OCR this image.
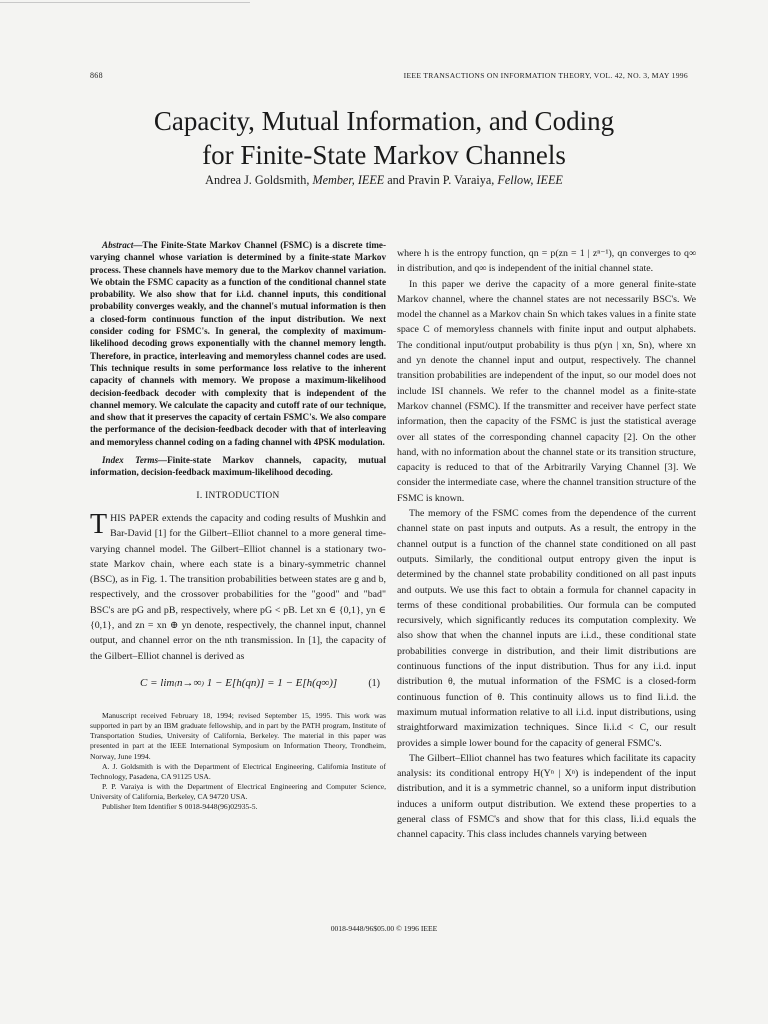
868	IEEE TRANSACTIONS ON INFORMATION THEORY, VOL. 42, NO. 3, MAY 1996
Capacity, Mutual Information, and Coding
for Finite-State Markov Channels
Andrea J. Goldsmith, Member, IEEE and Pravin P. Varaiya, Fellow, IEEE

Abstract—The Finite-State Markov Channel (FSMC) is a discrete time-varying channel whose variation is determined by a finite-state Markov process. These channels have memory due to the Markov channel variation. We obtain the FSMC capacity as a function of the conditional channel state probability. We also show that for i.i.d. channel inputs, this conditional probability converges weakly, and the channel's mutual information is then a closed-form continuous function of the input distribution. We next consider coding for FSMC's. In general, the complexity of maximum-likelihood decoding grows exponentially with the channel memory length. Therefore, in practice, interleaving and memoryless channel codes are used. This technique results in some performance loss relative to the inherent capacity of channels with memory. We propose a maximum-likelihood decision-feedback decoder with complexity that is independent of the channel memory. We calculate the capacity and cutoff rate of our technique, and show that it preserves the capacity of certain FSMC's. We also compare the performance of the decision-feedback decoder with that of interleaving and memoryless channel coding on a fading channel with 4PSK modulation.

Index Terms—Finite-state Markov channels, capacity, mutual information, decision-feedback maximum-likelihood decoding.

I. INTRODUCTION

THIS PAPER extends the capacity and coding results of Mushkin and Bar-David [1] for the Gilbert–Elliot channel to a more general time-varying channel model. The Gilbert–Elliot channel is a stationary two-state Markov chain, where each state is a binary-symmetric channel (BSC), as in Fig. 1. The transition probabilities between states are g and b, respectively, and the crossover probabilities for the "good" and "bad" BSC's are pG and pB, respectively, where pG < pB. Let xn ∈ {0,1}, yn ∈ {0,1}, and zn = xn ⊕ yn denote, respectively, the channel input, channel output, and channel error on the nth transmission. In [1], the capacity of the Gilbert–Elliot channel is derived as

C = lim₍n→∞₎ 1 − E[h(qn)] = 1 − E[h(q∞)]	(1)

Manuscript received February 18, 1994; revised September 15, 1995. This work was supported in part by an IBM graduate fellowship, and in part by the PATH program, Institute of Transportation Studies, University of California, Berkeley. The material in this paper was presented in part at the IEEE International Symposium on Information Theory, Trondheim, Norway, June 1994.

A. J. Goldsmith is with the Department of Electrical Engineering, California Institute of Technology, Pasadena, CA 91125 USA.

P. P. Varaiya is with the Department of Electrical Engineering and Computer Science, University of California, Berkeley, CA 94720 USA.

Publisher Item Identifier S 0018-9448(96)02935-5.

where h is the entropy function, qn = p(zn = 1 | zⁿ⁻¹), qn converges to q∞ in distribution, and q∞ is independent of the initial channel state.

In this paper we derive the capacity of a more general finite-state Markov channel, where the channel states are not necessarily BSC's. We model the channel as a Markov chain Sn which takes values in a finite state space C of memoryless channels with finite input and output alphabets. The conditional input/output probability is thus p(yn | xn, Sn), where xn and yn denote the channel input and output, respectively. The channel transition probabilities are independent of the input, so our model does not include ISI channels. We refer to the channel model as a finite-state Markov channel (FSMC). If the transmitter and receiver have perfect state information, then the capacity of the FSMC is just the statistical average over all states of the corresponding channel capacity [2]. On the other hand, with no information about the channel state or its transition structure, capacity is reduced to that of the Arbitrarily Varying Channel [3]. We consider the intermediate case, where the channel transition structure of the FSMC is known.

The memory of the FSMC comes from the dependence of the current channel state on past inputs and outputs. As a result, the entropy in the channel output is a function of the channel state conditioned on all past outputs. Similarly, the conditional output entropy given the input is determined by the channel state probability conditioned on all past inputs and outputs. We use this fact to obtain a formula for channel capacity in terms of these conditional probabilities. Our formula can be computed recursively, which significantly reduces its computation complexity. We also show that when the channel inputs are i.i.d., these conditional state probabilities converge in distribution, and their limit distributions are continuous functions of the input distribution. Thus for any i.i.d. input distribution θ, the mutual information of the FSMC is a closed-form continuous function of θ. This continuity allows us to find Ii.i.d. the maximum mutual information relative to all i.i.d. input distributions, using straightforward maximization techniques. Since Ii.i.d < C, our result provides a simple lower bound for the capacity of general FSMC's.

The Gilbert–Elliot channel has two features which facilitate its capacity analysis: its conditional entropy H(Yⁿ | Xⁿ) is independent of the input distribution, and it is a symmetric channel, so a uniform input distribution induces a uniform output distribution. We extend these properties to a general class of FSMC's and show that for this class, Ii.i.d equals the channel capacity. This class includes channels varying between

0018-9448/96$05.00 © 1996 IEEE
